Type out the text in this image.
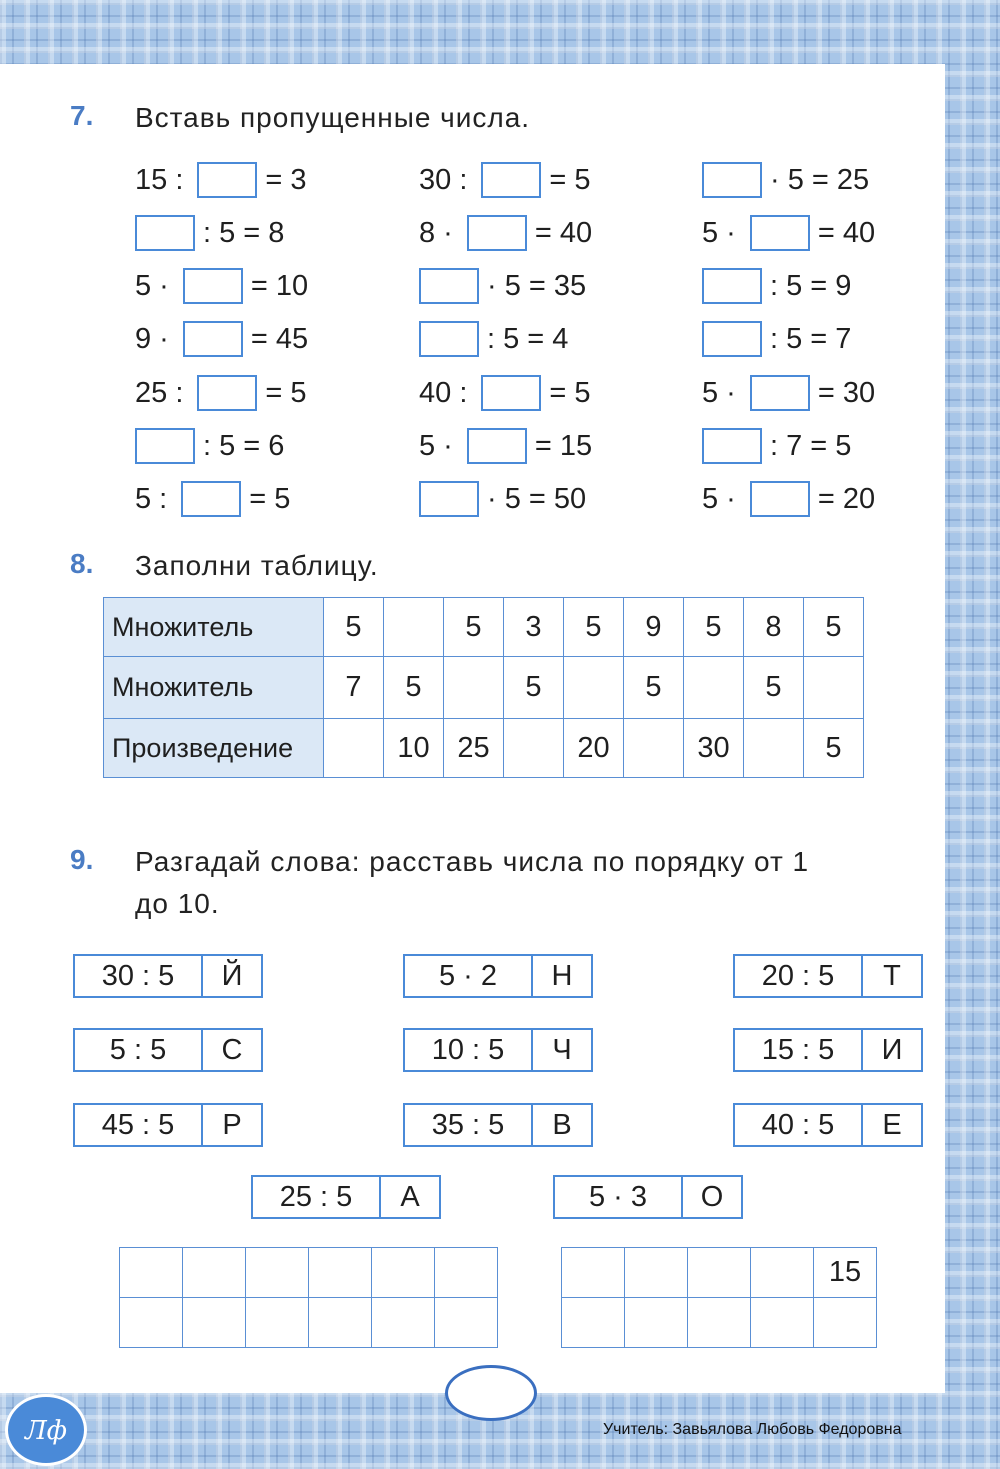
7. Вставь пропущенные числа.
15 :	= 3	30 :	= 5	· 5 = 25
: 5 = 8	8 ·	= 40	5 ·	= 40
5 ·	= 10	· 5 = 35	: 5 = 9
9 ·	= 45	: 5 = 4	: 5 = 7
25 :	= 5	40 :	= 5	5 ·	= 30
: 5 = 6	5 ·	= 15	: 7 = 5
5 :	= 5	· 5 = 50	5 ·	= 20
8. Заполни таблицу.
Множитель	5		5	3	5	9	5	8	5
Множитель	7	5		5		5		5	
Произведение		10	25		20		30		5
9. Разгадай слова: расставь числа по порядку от 1
до 10.
30 : 5	Й	5 · 2	Н	20 : 5	Т
5 : 5	С	10 : 5	Ч	15 : 5	И
45 : 5	Р	35 : 5	В	40 : 5	Е
25 : 5	А	5 · 3	О

				15

Лф	Учитель: Завьялова Любовь Федоровна
